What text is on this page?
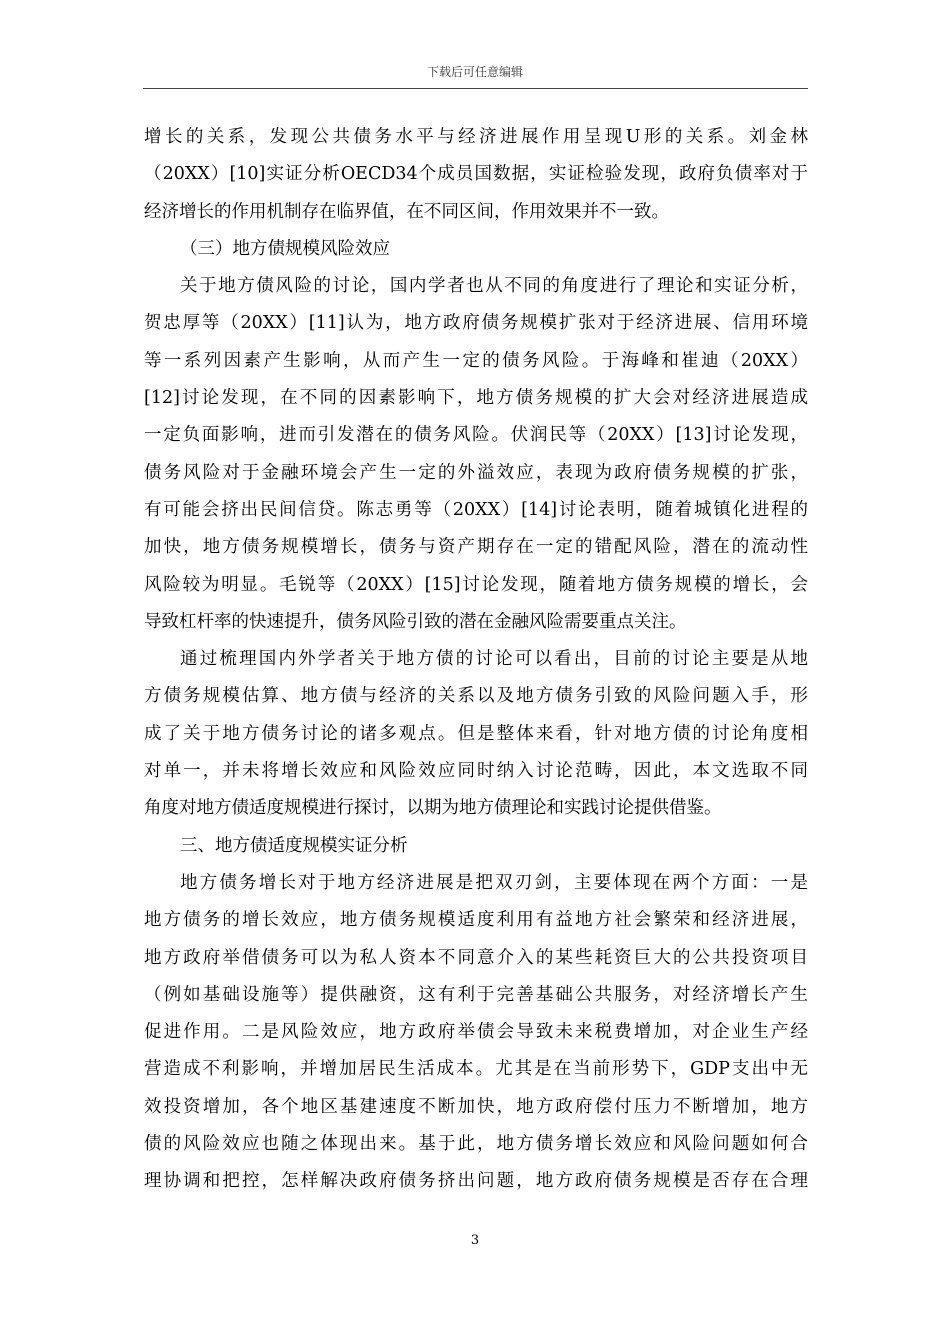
下载后可任意编辑
增长的关系，发现公共债务水平与经济进展作用呈现U形的关系。刘金林
（20XX）[10]实证分析OECD34个成员国数据，实证检验发现，政府负债率对于
经济增长的作用机制存在临界值，在不同区间，作用效果并不一致。
（三）地方债规模风险效应
关于地方债风险的讨论，国内学者也从不同的角度进行了理论和实证分析，
贺忠厚等（20XX）[11]认为，地方政府债务规模扩张对于经济进展、信用环境
等一系列因素产生影响，从而产生一定的债务风险。于海峰和崔迪（20XX）
[12]讨论发现，在不同的因素影响下，地方债务规模的扩大会对经济进展造成
一定负面影响，进而引发潜在的债务风险。伏润民等（20XX）[13]讨论发现，
债务风险对于金融环境会产生一定的外溢效应，表现为政府债务规模的扩张，
有可能会挤出民间信贷。陈志勇等（20XX）[14]讨论表明，随着城镇化进程的
加快，地方债务规模增长，债务与资产期存在一定的错配风险，潜在的流动性
风险较为明显。毛锐等（20XX）[15]讨论发现，随着地方债务规模的增长，会
导致杠杆率的快速提升，债务风险引致的潜在金融风险需要重点关注。
通过梳理国内外学者关于地方债的讨论可以看出，目前的讨论主要是从地
方债务规模估算、地方债与经济的关系以及地方债务引致的风险问题入手，形
成了关于地方债务讨论的诸多观点。但是整体来看，针对地方债的讨论角度相
对单一，并未将增长效应和风险效应同时纳入讨论范畴，因此，本文选取不同
角度对地方债适度规模进行探讨，以期为地方债理论和实践讨论提供借鉴。
三、地方债适度规模实证分析
地方债务增长对于地方经济进展是把双刃剑，主要体现在两个方面：一是
地方债务的增长效应，地方债务规模适度利用有益地方社会繁荣和经济进展，
地方政府举借债务可以为私人资本不同意介入的某些耗资巨大的公共投资项目
（例如基础设施等）提供融资，这有利于完善基础公共服务，对经济增长产生
促进作用。二是风险效应，地方政府举债会导致未来税费增加，对企业生产经
营造成不利影响，并增加居民生活成本。尤其是在当前形势下，GDP支出中无
效投资增加，各个地区基建速度不断加快，地方政府偿付压力不断增加，地方
债的风险效应也随之体现出来。基于此，地方债务增长效应和风险问题如何合
理协调和把控，怎样解决政府债务挤出问题，地方政府债务规模是否存在合理
3
